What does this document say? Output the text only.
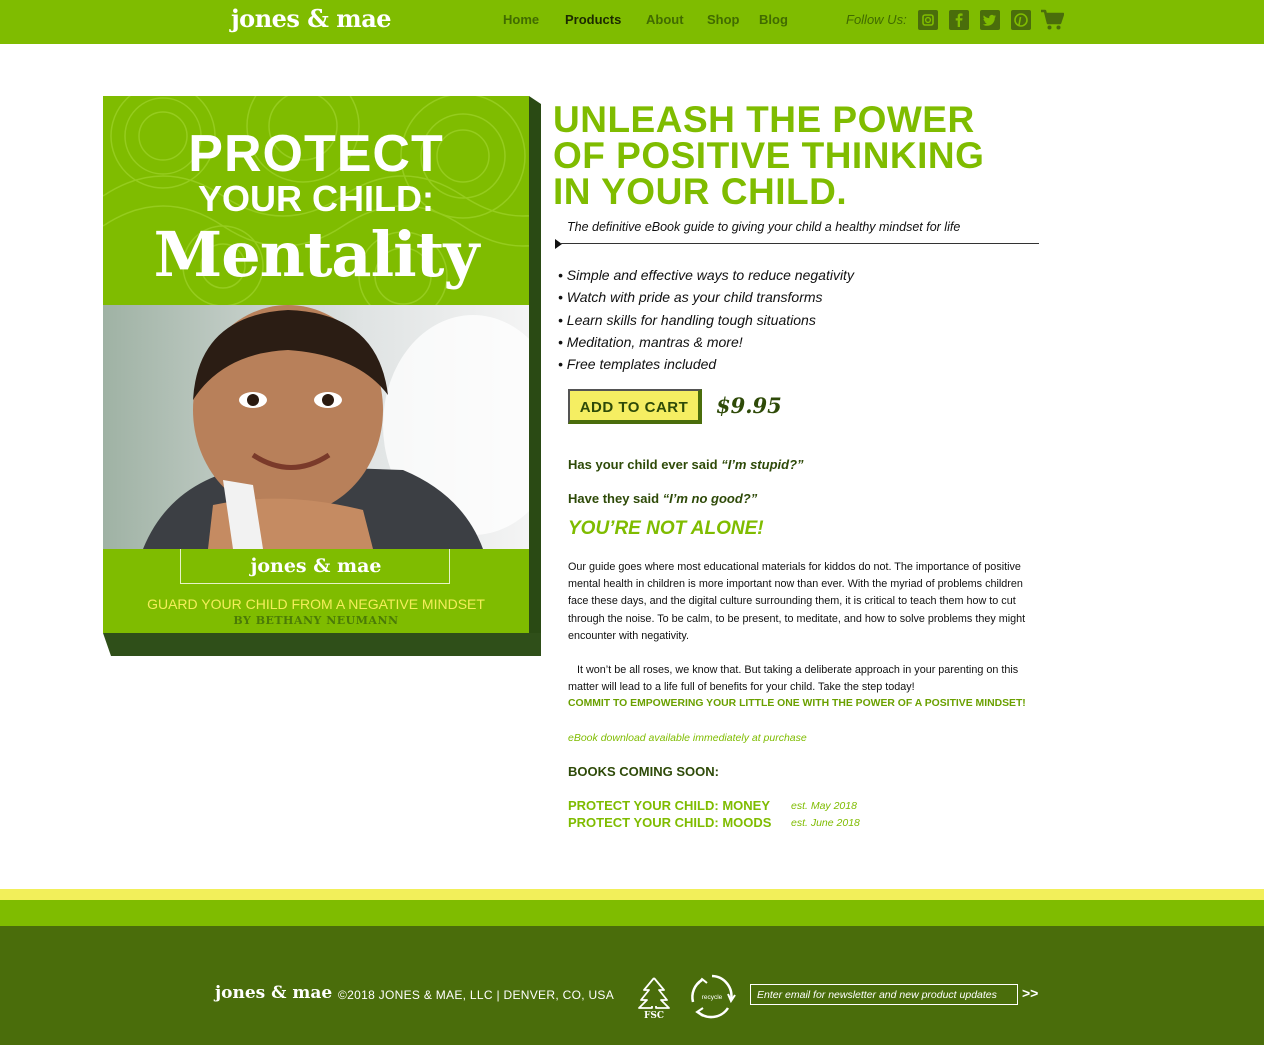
jones & mae	Home Products About Shop Blog	Follow Us:
PROTECT
YOUR CHILD:
Mentality
jones & mae
GUARD YOUR CHILD FROM A NEGATIVE MINDSET
BY BETHANY NEUMANN
UNLEASH THE POWER
OF POSITIVE THINKING
IN YOUR CHILD.
The definitive eBook guide to giving your child a healthy mindset for life
• Simple and effective ways to reduce negativity
• Watch with pride as your child transforms
• Learn skills for handling tough situations
• Meditation, mantras & more!
• Free templates included
ADD TO CART	$9.95
Has your child ever said “I’m stupid?”
Have they said “I’m no good?”
YOU’RE NOT ALONE!

Our guide goes where most educational materials for kiddos do not. The importance of positive mental health in children is more important now than ever. With the myriad of problems children face these days, and the digital culture surrounding them, it is critical to teach them how to cut through the noise. To be calm, to be present, to meditate, and how to solve problems they might encounter with negativity.

It won’t be all roses, we know that. But taking a deliberate approach in your parenting on this matter will lead to a life full of benefits for your child. Take the step today!

COMMIT TO EMPOWERING YOUR LITTLE ONE WITH THE POWER OF A POSITIVE MINDSET!
eBook download available immediately at purchase
BOOKS COMING SOON:
PROTECT YOUR CHILD: MONEY est. May 2018
PROTECT YOUR CHILD: MOODS est. June 2018
jones & mae ©2018 JONES & MAE, LLC | DENVER, CO, USA
FSC
recycle
Enter email for newsletter and new product updates	>>
